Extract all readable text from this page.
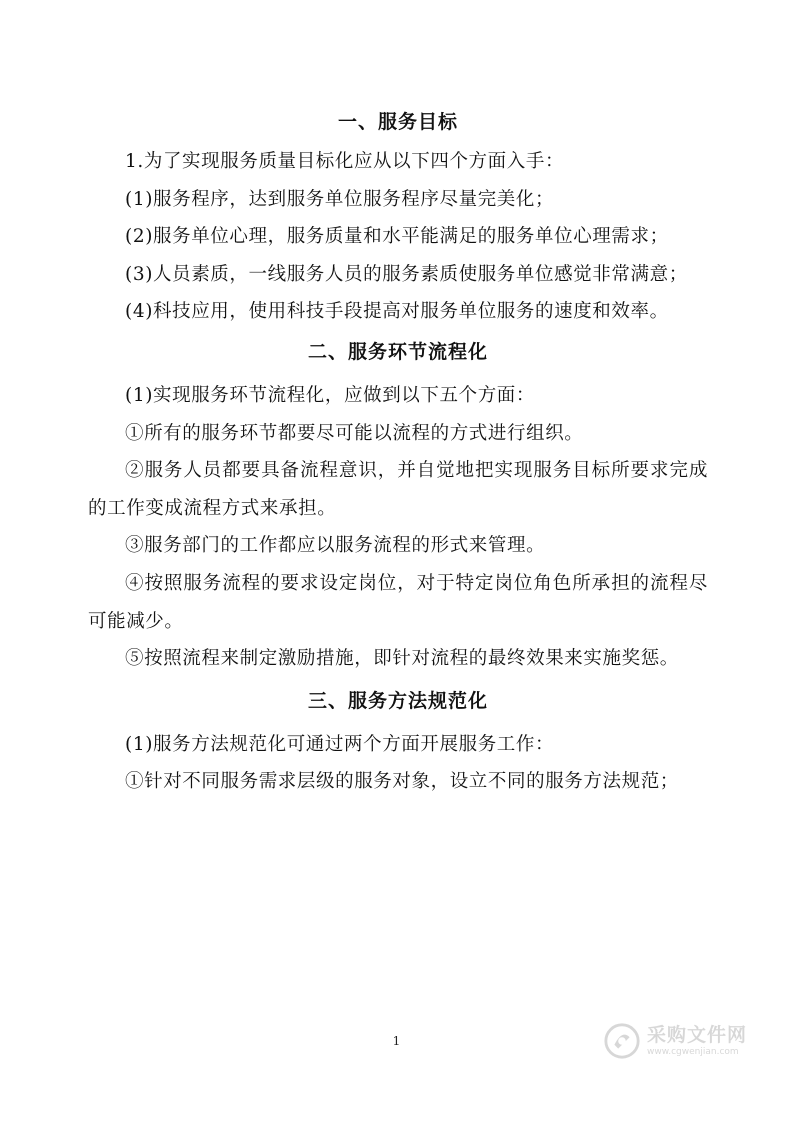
一、服务目标

1.为了实现服务质量目标化应从以下四个方面入手：

(1)服务程序，达到服务单位服务程序尽量完美化；

(2)服务单位心理，服务质量和水平能满足的服务单位心理需求；

(3)人员素质，一线服务人员的服务素质使服务单位感觉非常满意；

(4)科技应用，使用科技手段提高对服务单位服务的速度和效率。

二、服务环节流程化

(1)实现服务环节流程化，应做到以下五个方面：

①所有的服务环节都要尽可能以流程的方式进行组织。

②服务人员都要具备流程意识，并自觉地把实现服务目标所要求完成的工作变成流程方式来承担。

③服务部门的工作都应以服务流程的形式来管理。

④按照服务流程的要求设定岗位，对于特定岗位角色所承担的流程尽可能减少。

⑤按照流程来制定激励措施，即针对流程的最终效果来实施奖惩。

三、服务方法规范化

(1)服务方法规范化可通过两个方面开展服务工作：

①针对不同服务需求层级的服务对象，设立不同的服务方法规范；

1	采购文件网
www.cgwenjian.com
